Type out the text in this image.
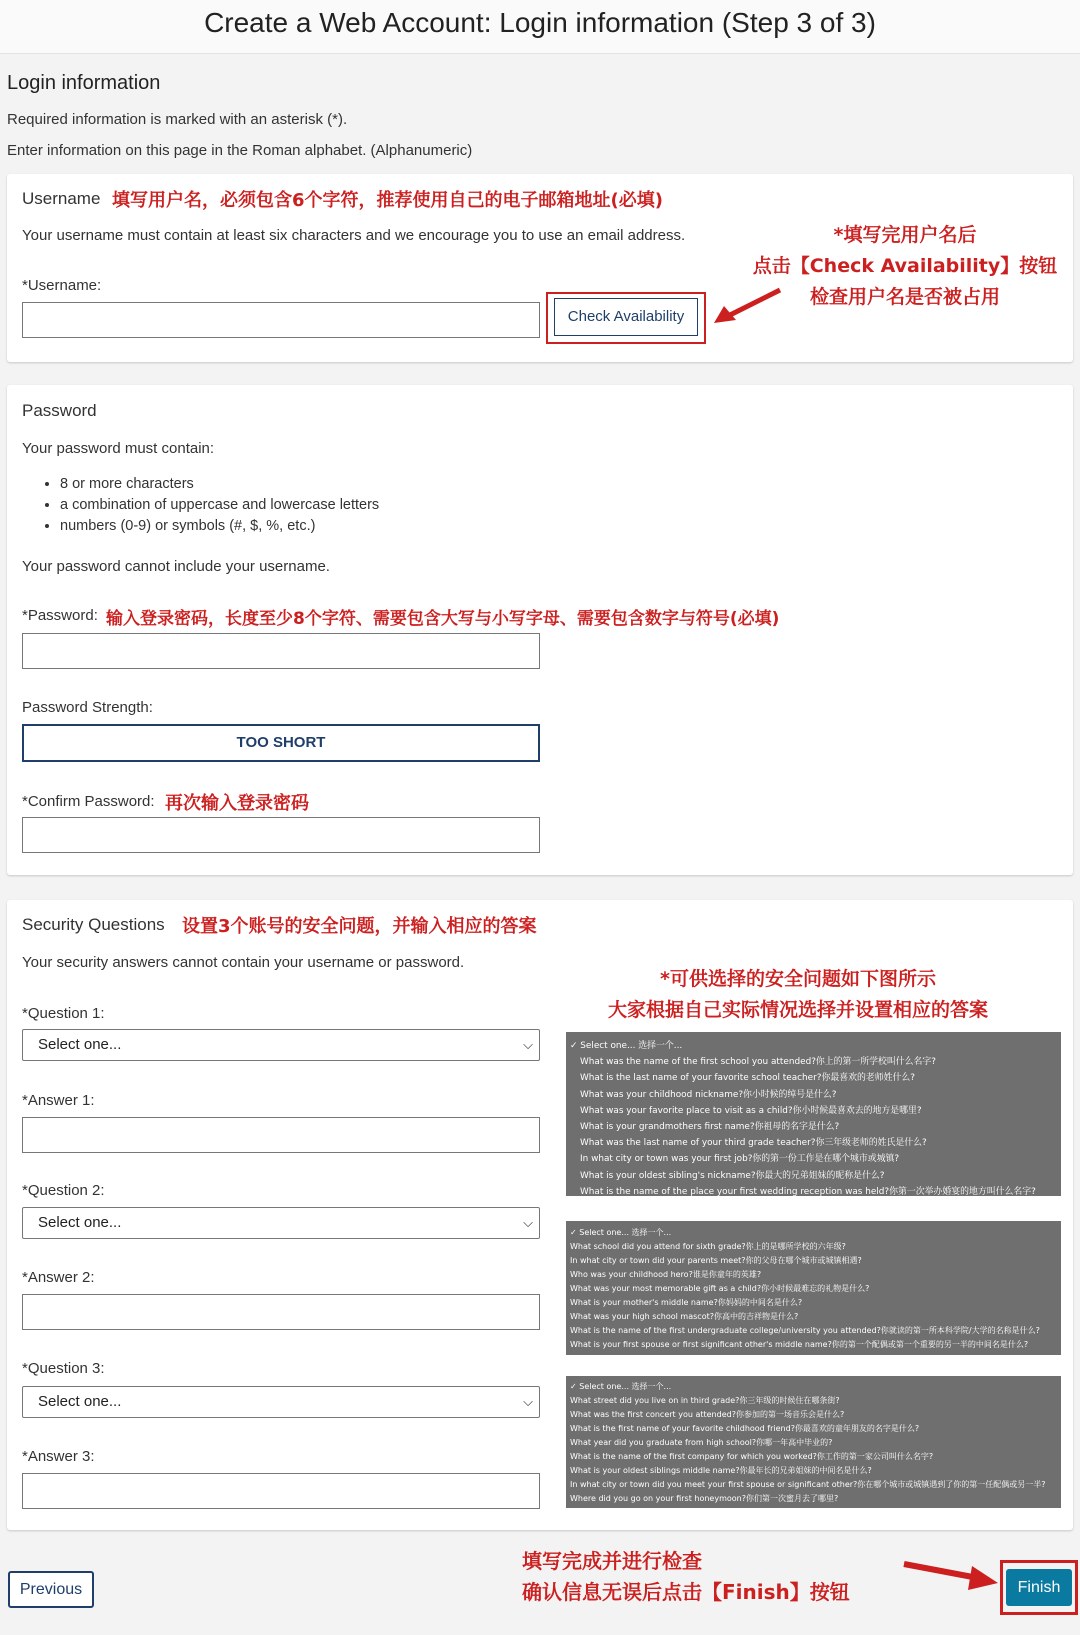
Create a Web Account: Login information (Step 3 of 3)
Login information
Required information is marked with an asterisk (*).
Enter information on this page in the Roman alphabet. (Alphanumeric)
Username 填写用户名，必须包含6个字符，推荐使用自己的电子邮箱地址(必填)
Your username must contain at least six characters and we encourage you to use an email address.
*Username:
Check Availability
*填写完用户名后
点击【Check Availability】按钮
检查用户名是否被占用
Password
Your password must contain:
• 8 or more characters
• a combination of uppercase and lowercase letters
• numbers (0-9) or symbols (#, $, %, etc.)
Your password cannot include your username.
*Password: 输入登录密码，长度至少8个字符、需要包含大写与小写字母、需要包含数字与符号(必填)
Password Strength:
TOO SHORT
*Confirm Password: 再次输入登录密码
Security Questions 设置3个账号的安全问题，并输入相应的答案
Your security answers cannot contain your username or password.
*可供选择的安全问题如下图所示
大家根据自己实际情况选择并设置相应的答案
*Question 1:
Select one...	⌵
*Answer 1:
*Question 2:
Select one...	⌵
*Answer 2:
*Question 3:
Select one...	⌵
*Answer 3:
✓ Select one... 选择一个...
What was the name of the first school you attended?你上的第一所学校叫什么名字?
What is the last name of your favorite school teacher?你最喜欢的老师姓什么?
What was your childhood nickname?你小时候的绰号是什么?
What was your favorite place to visit as a child?你小时候最喜欢去的地方是哪里?
What is your grandmothers first name?你祖母的名字是什么?
What was the last name of your third grade teacher?你三年级老师的姓氏是什么?
In what city or town was your first job?你的第一份工作是在哪个城市或城镇?
What is your oldest sibling's nickname?你最大的兄弟姐妹的昵称是什么?
What is the name of the place your first wedding reception was held?你第一次举办婚宴的地方叫什么名字?
✓ Select one... 选择一个...
What school did you attend for sixth grade?你上的是哪所学校的六年级?
In what city or town did your parents meet?你的父母在哪个城市或城镇相遇?
Who was your childhood hero?谁是你童年的英雄?
What was your most memorable gift as a child?你小时候最难忘的礼物是什么?
What is your mother's middle name?你妈妈的中间名是什么?
What was your high school mascot?你高中的吉祥物是什么?
What is the name of the first undergraduate college/university you attended?你就读的第一所本科学院/大学的名称是什么?
What is your first spouse or first significant other's middle name?你的第一个配偶或第一个重要的另一半的中间名是什么?
✓ Select one... 选择一个...
What street did you live on in third grade?你三年级的时候住在哪条街?
What was the first concert you attended?你参加的第一场音乐会是什么?
What is the first name of your favorite childhood friend?你最喜欢的童年朋友的名字是什么?
What year did you graduate from high school?你哪一年高中毕业的?
What is the name of the first company for which you worked?你工作的第一家公司叫什么名字?
What is your oldest siblings middle name?你最年长的兄弟姐妹的中间名是什么?
In what city or town did you meet your first spouse or significant other?你在哪个城市或城镇遇到了你的第一任配偶或另一半?
Where did you go on your first honeymoon?你们第一次蜜月去了哪里?
Previous
填写完成并进行检查
确认信息无误后点击【Finish】按钮	Finish
